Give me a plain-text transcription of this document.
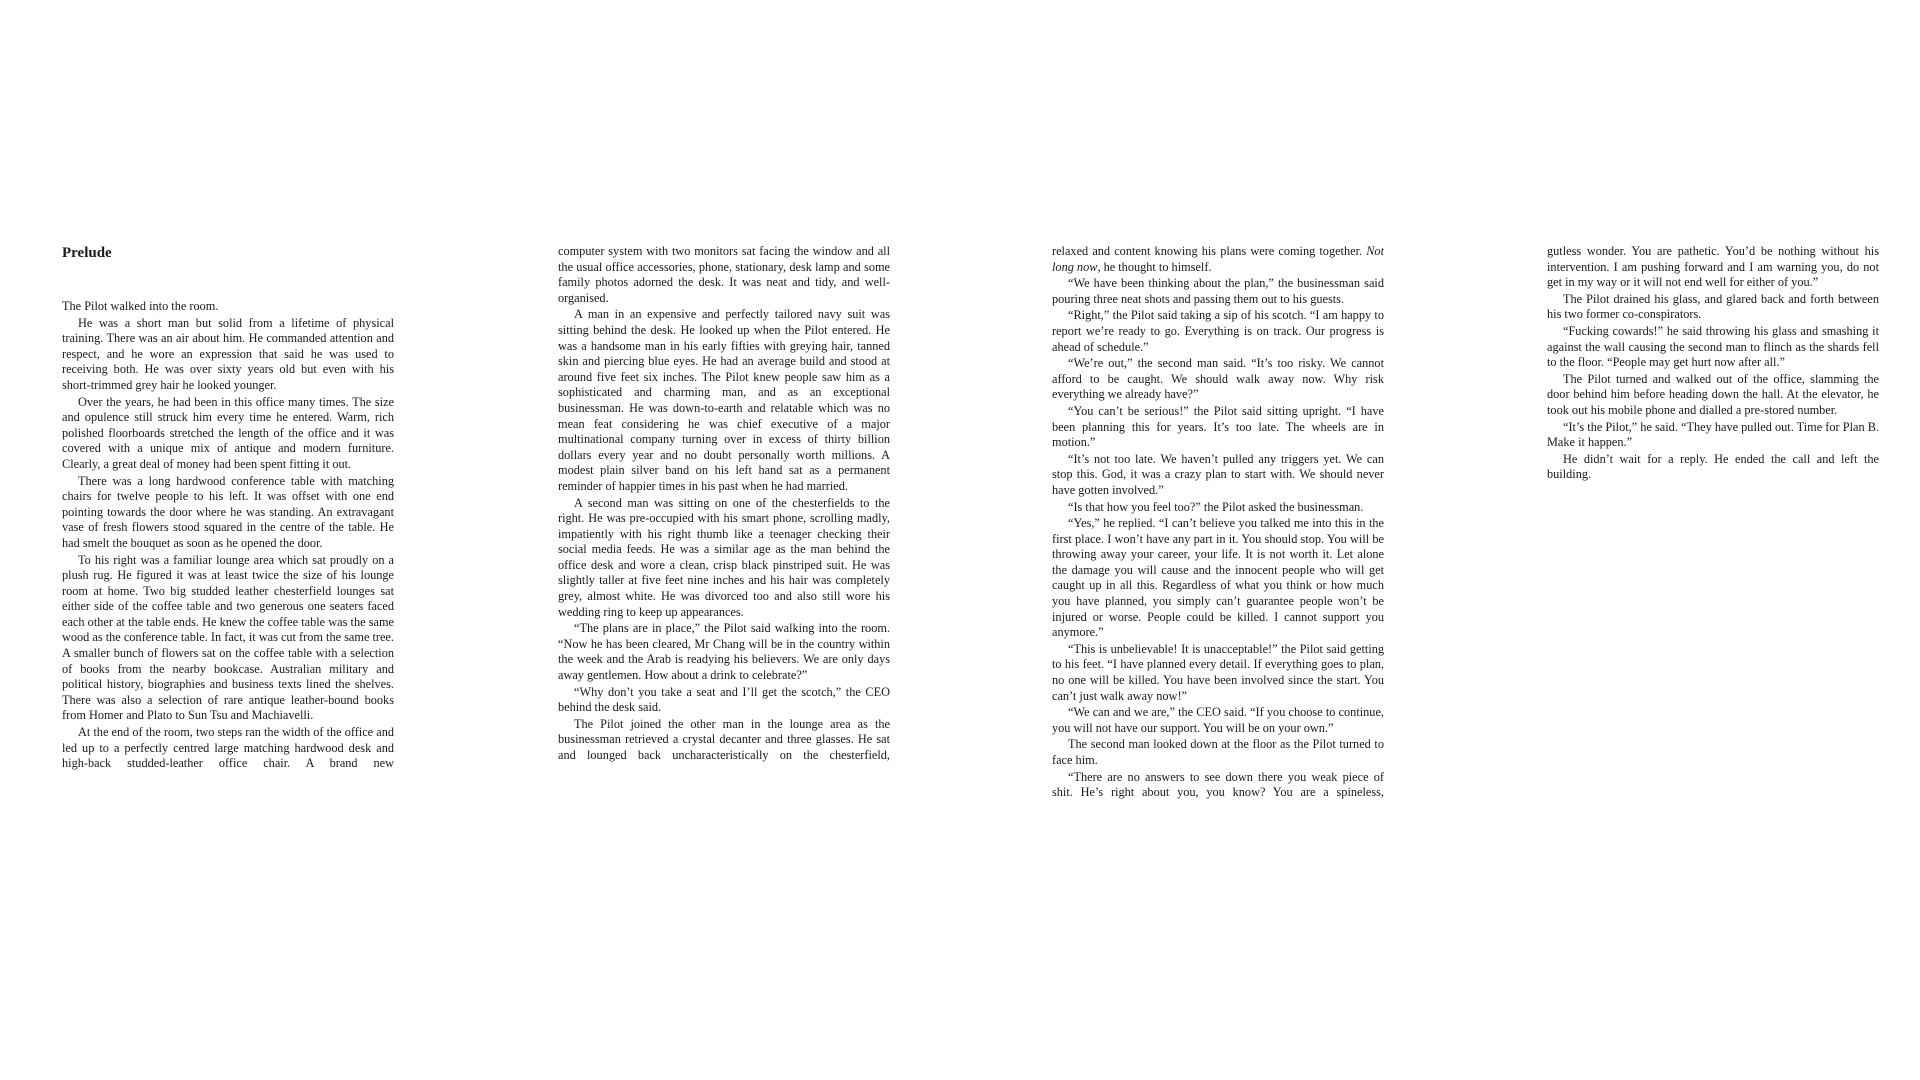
Prelude

The Pilot walked into the room.

He was a short man but solid from a lifetime of physical training. There was an air about him. He commanded attention and respect, and he wore an expression that said he was used to receiving both. He was over sixty years old but even with his short-trimmed grey hair he looked younger.

Over the years, he had been in this office many times. The size and opulence still struck him every time he entered. Warm, rich polished floorboards stretched the length of the office and it was covered with a unique mix of antique and modern furniture. Clearly, a great deal of money had been spent fitting it out.

There was a long hardwood conference table with matching chairs for twelve people to his left. It was offset with one end pointing towards the door where he was standing. An extravagant vase of fresh flowers stood squared in the centre of the table. He had smelt the bouquet as soon as he opened the door.

To his right was a familiar lounge area which sat proudly on a plush rug. He figured it was at least twice the size of his lounge room at home. Two big studded leather chesterfield lounges sat either side of the coffee table and two generous one seaters faced each other at the table ends. He knew the coffee table was the same wood as the conference table. In fact, it was cut from the same tree. A smaller bunch of flowers sat on the coffee table with a selection of books from the nearby bookcase. Australian military and political history, biographies and business texts lined the shelves. There was also a selection of rare antique leather-bound books from Homer and Plato to Sun Tsu and Machiavelli.

At the end of the room, two steps ran the width of the office and led up to a perfectly centred large matching hardwood desk and high-back studded-leather office chair. A brand new

computer system with two monitors sat facing the window and all the usual office accessories, phone, stationary, desk lamp and some family photos adorned the desk. It was neat and tidy, and well-organised.

A man in an expensive and perfectly tailored navy suit was sitting behind the desk. He looked up when the Pilot entered. He was a handsome man in his early fifties with greying hair, tanned skin and piercing blue eyes. He had an average build and stood at around five feet six inches. The Pilot knew people saw him as a sophisticated and charming man, and as an exceptional businessman. He was down-to-earth and relatable which was no mean feat considering he was chief executive of a major multinational company turning over in excess of thirty billion dollars every year and no doubt personally worth millions. A modest plain silver band on his left hand sat as a permanent reminder of happier times in his past when he had married.

A second man was sitting on one of the chesterfields to the right. He was pre-occupied with his smart phone, scrolling madly, impatiently with his right thumb like a teenager checking their social media feeds. He was a similar age as the man behind the office desk and wore a clean, crisp black pinstriped suit. He was slightly taller at five feet nine inches and his hair was completely grey, almost white. He was divorced too and also still wore his wedding ring to keep up appearances.

“The plans are in place,” the Pilot said walking into the room. “Now he has been cleared, Mr Chang will be in the country within the week and the Arab is readying his believers. We are only days away gentlemen. How about a drink to celebrate?”

“Why don’t you take a seat and I’ll get the scotch,” the CEO behind the desk said.

The Pilot joined the other man in the lounge area as the businessman retrieved a crystal decanter and three glasses. He sat and lounged back uncharacteristically on the chesterfield,

relaxed and content knowing his plans were coming together. Not long now, he thought to himself.

“We have been thinking about the plan,” the businessman said pouring three neat shots and passing them out to his guests.

“Right,” the Pilot said taking a sip of his scotch. “I am happy to report we’re ready to go. Everything is on track. Our progress is ahead of schedule.”

“We’re out,” the second man said. “It’s too risky. We cannot afford to be caught. We should walk away now. Why risk everything we already have?”

“You can’t be serious!” the Pilot said sitting upright. “I have been planning this for years. It’s too late. The wheels are in motion.”

“It’s not too late. We haven’t pulled any triggers yet. We can stop this. God, it was a crazy plan to start with. We should never have gotten involved.”

“Is that how you feel too?” the Pilot asked the businessman.

“Yes,” he replied. “I can’t believe you talked me into this in the first place. I won’t have any part in it. You should stop. You will be throwing away your career, your life. It is not worth it. Let alone the damage you will cause and the innocent people who will get caught up in all this. Regardless of what you think or how much you have planned, you simply can’t guarantee people won’t be injured or worse. People could be killed. I cannot support you anymore.”

“This is unbelievable! It is unacceptable!” the Pilot said getting to his feet. “I have planned every detail. If everything goes to plan, no one will be killed. You have been involved since the start. You can’t just walk away now!”

“We can and we are,” the CEO said. “If you choose to continue, you will not have our support. You will be on your own.”

The second man looked down at the floor as the Pilot turned to face him.

“There are no answers to see down there you weak piece of shit. He’s right about you, you know? You are a spineless,

gutless wonder. You are pathetic. You’d be nothing without his intervention. I am pushing forward and I am warning you, do not get in my way or it will not end well for either of you.”

The Pilot drained his glass, and glared back and forth between his two former co-conspirators.

“Fucking cowards!” he said throwing his glass and smashing it against the wall causing the second man to flinch as the shards fell to the floor. “People may get hurt now after all.”

The Pilot turned and walked out of the office, slamming the door behind him before heading down the hall. At the elevator, he took out his mobile phone and dialled a pre-stored number.

“It’s the Pilot,” he said. “They have pulled out. Time for Plan B. Make it happen.”

He didn’t wait for a reply. He ended the call and left the building.
